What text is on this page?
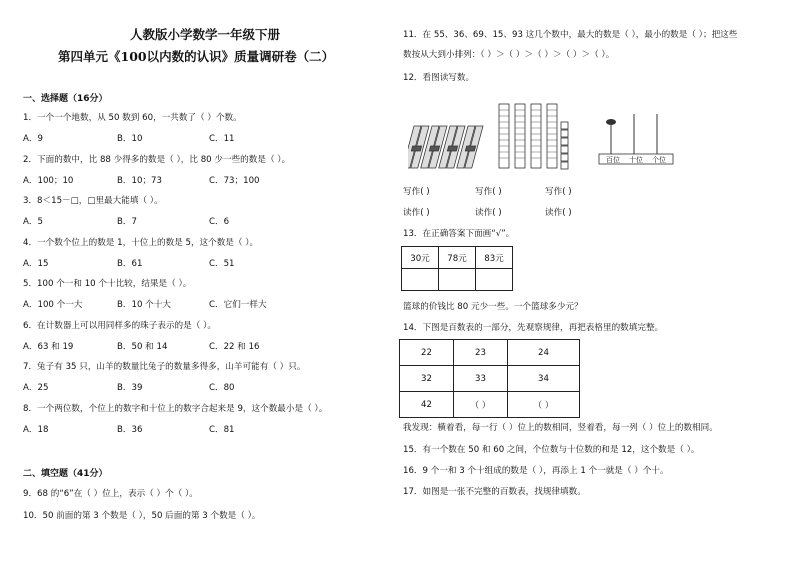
人教版小学数学一年级下册
第四单元《100以内数的认识》质量调研卷（二）
一、选择题（16分）
1．一个一个地数，从 50 数到 60，一共数了（ ）个数。
A．9	B．10	C．11
2．下面的数中，比 88 少得多的数是（ ），比 80 少一些的数是（ ）。
A．100；10	B．10；73	C．73；100
3．8＜15－□，□里最大能填（ ）。
A．5	B．7	C．6
4．一个数个位上的数是 1，十位上的数是 5，这个数是（ ）。
A．15	B．61	C．51
5．100 个一和 10 个十比较，结果是（ ）。
A．100 个一大	B．10 个十大	C．它们一样大
6．在计数器上可以用同样多的珠子表示的是（ ）。
A．63 和 19	B．50 和 14	C．22 和 16
7．兔子有 35 只，山羊的数量比兔子的数量多得多，山羊可能有（ ）只。
A．25	B．39	C．80
8．一个两位数，个位上的数字和十位上的数字合起来是 9，这个数最小是（ ）。
A．18	B．36	C．81
二、填空题（41分）
9．68 的“6”在（ ）位上，表示（ ）个（ ）。
10．50 前面的第 3 个数是（ ），50 后面的第 3 个数是（ ）。
11．在 55、36、69、15、93 这几个数中，最大的数是（ ），最小的数是（ ）；把这些
数按从大到小排列：（ ）＞（ ）＞（ ）＞（ ）＞（ ）。
12．看图读写数。
百位 十位 个位
写作( )	写作( )	写作( )
读作( )	读作( )	读作( )
13．在正确答案下面画“√”。
30元	78元	83元

篮球的价钱比 80 元少一些。一个篮球多少元？
14．下图是百数表的一部分，先观察规律，再把表格里的数填完整。
22	23	24
32	33	34
42	（ ）	（ ）
我发现：横着看，每一行（ ）位上的数相同，竖着看，每一列（ ）位上的数相同。
15．有一个数在 50 和 60 之间，个位数与十位数的和是 12，这个数是（ ）。
16．9 个一和 3 个十组成的数是（ ），再添上 1 个一就是（ ）个十。
17．如图是一张不完整的百数表，找规律填数。
